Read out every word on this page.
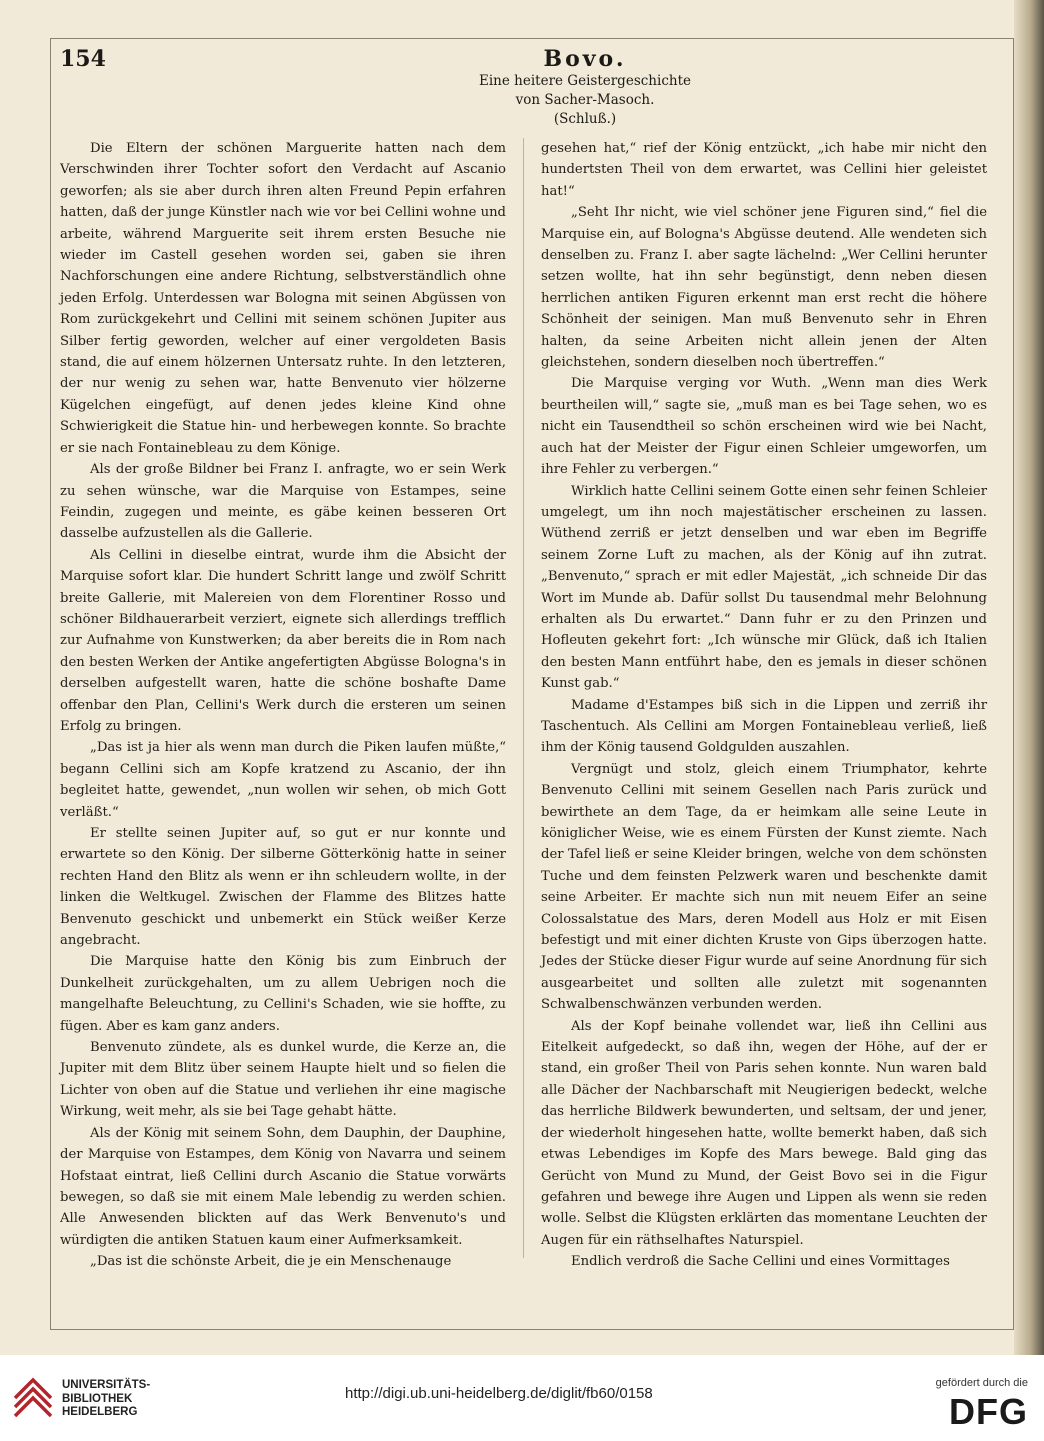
154	Bovo.
Eine heitere Geistergeschichte
von Sacher-Masoch.
(Schluß.)

Die Eltern der schönen Marguerite hatten nach dem Verschwinden ihrer Tochter sofort den Verdacht auf Ascanio geworfen; als sie aber durch ihren alten Freund Pepin erfahren hatten, daß der junge Künstler nach wie vor bei Cellini wohne und arbeite, während Marguerite seit ihrem ersten Besuche nie wieder im Castell gesehen worden sei, gaben sie ihren Nachforschungen eine andere Richtung, selbstverständlich ohne jeden Erfolg. Unterdessen war Bologna mit seinen Abgüssen von Rom zurückgekehrt und Cellini mit seinem schönen Jupiter aus Silber fertig geworden, welcher auf einer vergoldeten Basis stand, die auf einem hölzernen Untersatz ruhte. In den letzteren, der nur wenig zu sehen war, hatte Benvenuto vier hölzerne Kügelchen eingefügt, auf denen jedes kleine Kind ohne Schwierigkeit die Statue hin- und herbewegen konnte. So brachte er sie nach Fontainebleau zu dem Könige.

Als der große Bildner bei Franz I. anfragte, wo er sein Werk zu sehen wünsche, war die Marquise von Estampes, seine Feindin, zugegen und meinte, es gäbe keinen besseren Ort dasselbe aufzustellen als die Gallerie.

Als Cellini in dieselbe eintrat, wurde ihm die Absicht der Marquise sofort klar. Die hundert Schritt lange und zwölf Schritt breite Gallerie, mit Malereien von dem Florentiner Rosso und schöner Bildhauerarbeit verziert, eignete sich allerdings trefflich zur Aufnahme von Kunstwerken; da aber bereits die in Rom nach den besten Werken der Antike angefertigten Abgüsse Bologna's in derselben aufgestellt waren, hatte die schöne boshafte Dame offenbar den Plan, Cellini's Werk durch die ersteren um seinen Erfolg zu bringen.

„Das ist ja hier als wenn man durch die Piken laufen müßte,“ begann Cellini sich am Kopfe kratzend zu Ascanio, der ihn begleitet hatte, gewendet, „nun wollen wir sehen, ob mich Gott verläßt.“

Er stellte seinen Jupiter auf, so gut er nur konnte und erwartete so den König. Der silberne Götterkönig hatte in seiner rechten Hand den Blitz als wenn er ihn schleudern wollte, in der linken die Weltkugel. Zwischen der Flamme des Blitzes hatte Benvenuto geschickt und unbemerkt ein Stück weißer Kerze angebracht.

Die Marquise hatte den König bis zum Einbruch der Dunkelheit zurückgehalten, um zu allem Uebrigen noch die mangelhafte Beleuchtung, zu Cellini's Schaden, wie sie hoffte, zu fügen. Aber es kam ganz anders.

Benvenuto zündete, als es dunkel wurde, die Kerze an, die Jupiter mit dem Blitz über seinem Haupte hielt und so fielen die Lichter von oben auf die Statue und verliehen ihr eine magische Wirkung, weit mehr, als sie bei Tage gehabt hätte.

Als der König mit seinem Sohn, dem Dauphin, der Dauphine, der Marquise von Estampes, dem König von Navarra und seinem Hofstaat eintrat, ließ Cellini durch Ascanio die Statue vorwärts bewegen, so daß sie mit einem Male lebendig zu werden schien. Alle Anwesenden blickten auf das Werk Benvenuto's und würdigten die antiken Statuen kaum einer Aufmerksamkeit.

„Das ist die schönste Arbeit, die je ein Menschenauge

gesehen hat,“ rief der König entzückt, „ich habe mir nicht den hundertsten Theil von dem erwartet, was Cellini hier geleistet hat!“

„Seht Ihr nicht, wie viel schöner jene Figuren sind,“ fiel die Marquise ein, auf Bologna's Abgüsse deutend. Alle wendeten sich denselben zu. Franz I. aber sagte lächelnd: „Wer Cellini herunter setzen wollte, hat ihn sehr begünstigt, denn neben diesen herrlichen antiken Figuren erkennt man erst recht die höhere Schönheit der seinigen. Man muß Benvenuto sehr in Ehren halten, da seine Arbeiten nicht allein jenen der Alten gleichstehen, sondern dieselben noch übertreffen.“

Die Marquise verging vor Wuth. „Wenn man dies Werk beurtheilen will,“ sagte sie, „muß man es bei Tage sehen, wo es nicht ein Tausendtheil so schön erscheinen wird wie bei Nacht, auch hat der Meister der Figur einen Schleier umgeworfen, um ihre Fehler zu verbergen.“

Wirklich hatte Cellini seinem Gotte einen sehr feinen Schleier umgelegt, um ihn noch majestätischer erscheinen zu lassen. Wüthend zerriß er jetzt denselben und war eben im Begriffe seinem Zorne Luft zu machen, als der König auf ihn zutrat. „Benvenuto,“ sprach er mit edler Majestät, „ich schneide Dir das Wort im Munde ab. Dafür sollst Du tausendmal mehr Belohnung erhalten als Du erwartet.“ Dann fuhr er zu den Prinzen und Hofleuten gekehrt fort: „Ich wünsche mir Glück, daß ich Italien den besten Mann entführt habe, den es jemals in dieser schönen Kunst gab.“

Madame d'Estampes biß sich in die Lippen und zerriß ihr Taschentuch. Als Cellini am Morgen Fontainebleau verließ, ließ ihm der König tausend Goldgulden auszahlen.

Vergnügt und stolz, gleich einem Triumphator, kehrte Benvenuto Cellini mit seinem Gesellen nach Paris zurück und bewirthete an dem Tage, da er heimkam alle seine Leute in königlicher Weise, wie es einem Fürsten der Kunst ziemte. Nach der Tafel ließ er seine Kleider bringen, welche von dem schönsten Tuche und dem feinsten Pelzwerk waren und beschenkte damit seine Arbeiter. Er machte sich nun mit neuem Eifer an seine Colossalstatue des Mars, deren Modell aus Holz er mit Eisen befestigt und mit einer dichten Kruste von Gips überzogen hatte. Jedes der Stücke dieser Figur wurde auf seine Anordnung für sich ausgearbeitet und sollten alle zuletzt mit sogenannten Schwalbenschwänzen verbunden werden.

Als der Kopf beinahe vollendet war, ließ ihn Cellini aus Eitelkeit aufgedeckt, so daß ihn, wegen der Höhe, auf der er stand, ein großer Theil von Paris sehen konnte. Nun waren bald alle Dächer der Nachbarschaft mit Neugierigen bedeckt, welche das herrliche Bildwerk bewunderten, und seltsam, der und jener, der wiederholt hingesehen hatte, wollte bemerkt haben, daß sich etwas Lebendiges im Kopfe des Mars bewege. Bald ging das Gerücht von Mund zu Mund, der Geist Bovo sei in die Figur gefahren und bewege ihre Augen und Lippen als wenn sie reden wolle. Selbst die Klügsten erklärten das momentane Leuchten der Augen für ein räthselhaftes Naturspiel.

Endlich verdroß die Sache Cellini und eines Vormittages

UNIVERSITÄTS-
BIBLIOTHEK
HEIDELBERG
http://digi.ub.uni-heidelberg.de/diglit/fb60/0158
gefördert durch die
DFG
